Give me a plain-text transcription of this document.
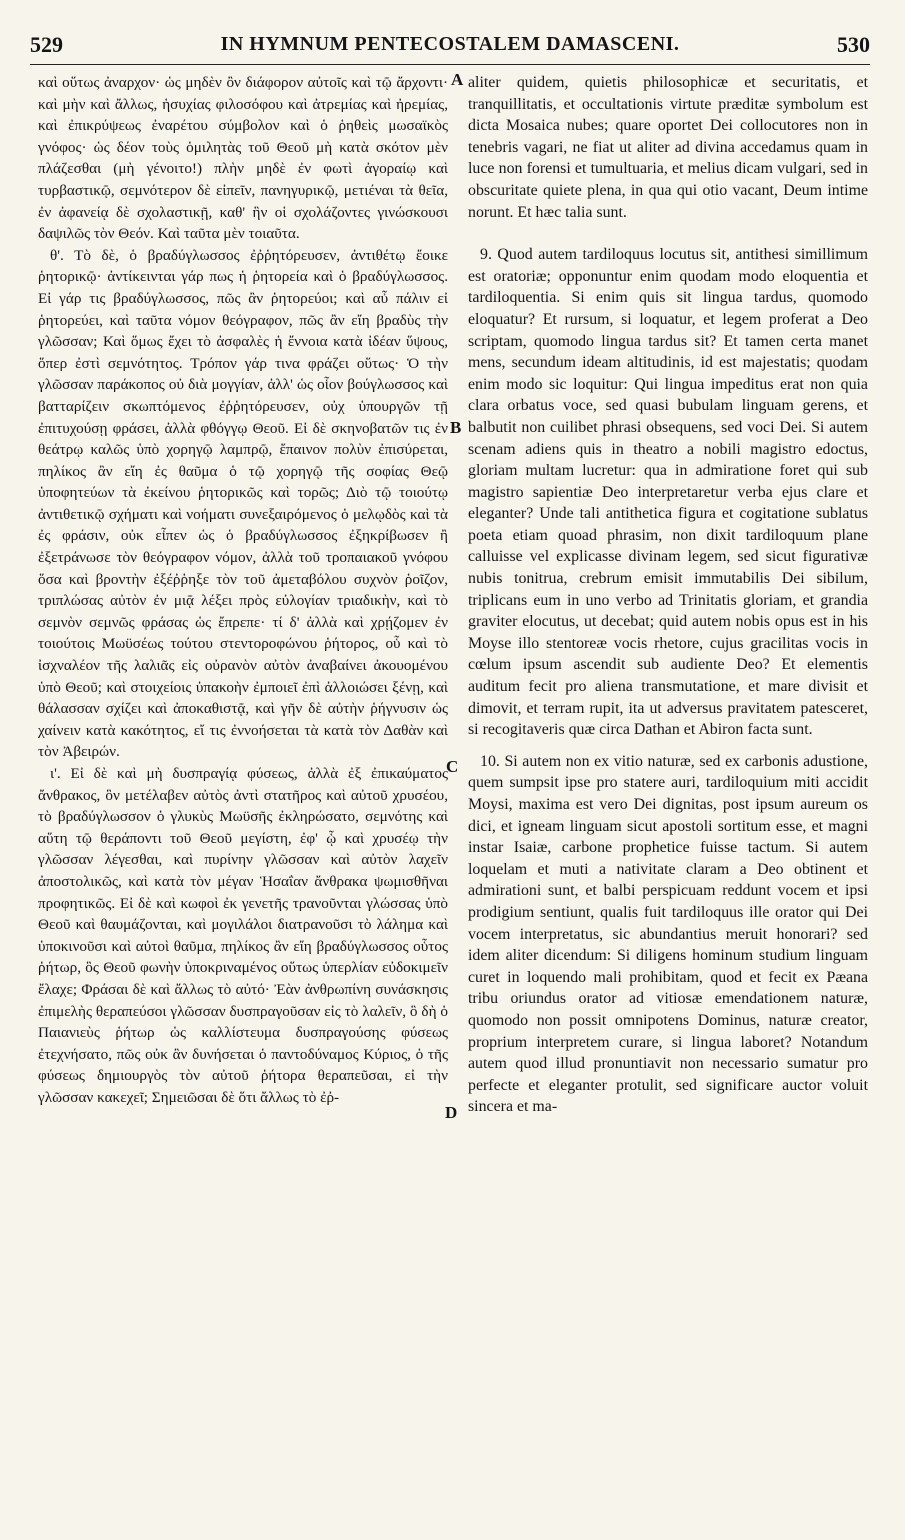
529	IN HYMNUM PENTECOSTALEM DAMASCENI.	530
A
B
C
D

καὶ οὕτως ἀναρχον· ὡς μηδὲν ὂν διάφορον αὐτοῖς καὶ τῷ ἄρχοντι· καὶ μὴν καὶ ἄλλως, ἡσυχίας φιλοσόφου καὶ ἀτρεμίας καὶ ἠρεμίας, καὶ ἐπικρύψεως ἐναρέτου σύμβολον καὶ ὁ ῥηθεὶς μωσαϊκὸς γνόφος· ὡς δέον τοὺς ὁμιλητὰς τοῦ Θεοῦ μὴ κατὰ σκότον μὲν πλάζεσθαι (μὴ γένοιτο!) πλὴν μηδὲ ἐν φωτὶ ἀγοραίῳ καὶ τυρβαστικῷ, σεμνότερον δὲ εἰπεῖν, πανηγυρικῷ, μετιέναι τὰ θεῖα, ἐν ἀφανείᾳ δὲ σχολαστικῇ, καθ' ἣν οἱ σχολάζοντες γινώσκουσι δαψιλῶς τὸν Θεόν. Καὶ ταῦτα μὲν τοιαῦτα.

θ'. Τὸ δὲ, ὁ βραδύγλωσσος ἐῤῥητόρευσεν, ἀντιθέτῳ ἔοικε ῥητορικῷ· ἀντίκεινται γάρ πως ἡ ῥητορεία καὶ ὁ βραδύγλωσσος. Εἰ γάρ τις βραδύγλωσσος, πῶς ἂν ῥητορεύοι; καὶ αὖ πάλιν εἰ ῥητορεύει, καὶ ταῦτα νόμον θεόγραφον, πῶς ἂν εἴη βραδὺς τὴν γλῶσσαν; Καὶ ὅμως ἔχει τὸ ἀσφαλὲς ἡ ἔννοια κατὰ ἰδέαν ὕψους, ὅπερ ἐστὶ σεμνότητος. Τρόπον γάρ τινα φράζει οὕτως· Ὁ τὴν γλῶσσαν παράκοπος οὐ διὰ μογγίαν, ἀλλ' ὡς οἷον βούγλωσσος καὶ βατταρίζειν σκωπτόμενος ἐῤῥητόρευσεν, οὐχ ὑπουργῶν τῇ ἐπιτυχούσῃ φράσει, ἀλλὰ φθόγγῳ Θεοῦ. Εἰ δὲ σκηνοβατῶν τις ἐν θεάτρῳ καλῶς ὑπὸ χορηγῷ λαμπρῷ, ἔπαινον πολὺν ἐπισύρεται, πηλίκος ἂν εἴη ἐς θαῦμα ὁ τῷ χορηγῷ τῆς σοφίας Θεῷ ὑποφητεύων τὰ ἐκείνου ῥητορικῶς καὶ τορῶς; Διὸ τῷ τοιούτῳ ἀντιθετικῷ σχήματι καὶ νοήματι συνεξαιρόμενος ὁ μελῳδὸς καὶ τὰ ἐς φράσιν, οὐκ εἶπεν ὡς ὁ βραδύγλωσσος ἐξηκρίβωσεν ἢ ἐξετράνωσε τὸν θεόγραφον νόμον, ἀλλὰ τοῦ τροπαιακοῦ γνόφου ὅσα καὶ βροντὴν ἐξέῤῥηξε τὸν τοῦ ἀμεταβόλου συχνὸν ῥοῖζον, τριπλώσας αὐτὸν ἐν μιᾷ λέξει πρὸς εὐλογίαν τριαδικὴν, καὶ τὸ σεμνὸν σεμνῶς φράσας ὡς ἔπρεπε· τί δ' ἀλλὰ καὶ χρῄζομεν ἐν τοιούτοις Μωϋσέως τούτου στεντοροφώνου ῥήτορος, οὗ καὶ τὸ ἰσχναλέον τῆς λαλιᾶς εἰς οὐρανὸν αὐτὸν ἀναβαίνει ἀκουομένου ὑπὸ Θεοῦ; καὶ στοιχείοις ὑπακοὴν ἐμποιεῖ ἐπὶ ἀλλοιώσει ξένῃ, καὶ θάλασσαν σχίζει καὶ ἀποκαθιστᾷ, καὶ γῆν δὲ αὐτὴν ῥήγνυσιν ὡς χαίνειν κατὰ κακότητος, εἴ τις ἐννοήσεται τὰ κατὰ τὸν Δαθὰν καὶ τὸν Ἀβειρών.

ι'. Εἰ δὲ καὶ μὴ δυσπραγίᾳ φύσεως, ἀλλὰ ἐξ ἐπικαύματος ἄνθρακος, ὃν μετέλαβεν αὐτὸς ἀντὶ στατῆρος καὶ αὐτοῦ χρυσέου, τὸ βραδύγλωσσον ὁ γλυκὺς Μωϋσῆς ἐκληρώσατο, σεμνότης καὶ αὕτη τῷ θεράποντι τοῦ Θεοῦ μεγίστη, ἐφ' ᾧ καὶ χρυσέῳ τὴν γλῶσσαν λέγεσθαι, καὶ πυρίνην γλῶσσαν καὶ αὐτὸν λαχεῖν ἀποστολικῶς, καὶ κατὰ τὸν μέγαν Ἡσαΐαν ἄνθρακα ψωμισθῆναι προφητικῶς. Εἰ δὲ καὶ κωφοὶ ἐκ γενετῆς τρανοῦνται γλώσσας ὑπὸ Θεοῦ καὶ θαυμάζονται, καὶ μογιλάλοι διατρανοῦσι τὸ λάλημα καὶ ὑποκινοῦσι καὶ αὐτοὶ θαῦμα, πηλίκος ἂν εἴη βραδύγλωσσος οὗτος ῥήτωρ, ὃς Θεοῦ φωνὴν ὑποκριναμένος οὕτως ὑπερλίαν εὐδοκιμεῖν ἔλαχε; Φράσαι δὲ καὶ ἄλλως τὸ αὐτό· Ἐὰν ἀνθρωπίνη συνάσκησις ἐπιμελὴς θεραπεύσοι γλῶσσαν δυσπραγοῦσαν εἰς τὸ λαλεῖν, ὃ δὴ ὁ Παιανιεὺς ῥήτωρ ὡς καλλίστευμα δυσπραγούσης φύσεως ἐτεχνήσατο, πῶς οὐκ ἂν δυνήσεται ὁ παντοδύναμος Κύριος, ὁ τῆς φύσεως δημιουργὸς τὸν αὐτοῦ ῥήτορα θεραπεῦσαι, εἰ τὴν γλῶσσαν κακεχεῖ; Σημειῶσαι δὲ ὅτι ἄλλως τὸ ἐῤ-

aliter quidem, quietis philosophicæ et securitatis, et tranquillitatis, et occultationis virtute præditæ symbolum est dicta Mosaica nubes; quare oportet Dei collocutores non in tenebris vagari, ne fiat ut aliter ad divina accedamus quam in luce non forensi et tumultuaria, et melius dicam vulgari, sed in obscuritate quiete plena, in qua qui otio vacant, Deum intime norunt. Et hæc talia sunt.

9. Quod autem tardiloquus locutus sit, antithesi simillimum est oratoriæ; opponuntur enim quodam modo eloquentia et tardiloquentia. Si enim quis sit lingua tardus, quomodo eloquatur? Et rursum, si loquatur, et legem proferat a Deo scriptam, quomodo lingua tardus sit? Et tamen certa manet mens, secundum ideam altitudinis, id est majestatis; quodam enim modo sic loquitur: Qui lingua impeditus erat non quia clara orbatus voce, sed quasi bubulam linguam gerens, et balbutit non cuilibet phrasi obsequens, sed voci Dei. Si autem scenam adiens quis in theatro a nobili magistro edoctus, gloriam multam lucretur: qua in admiratione foret qui sub magistro sapientiæ Deo interpretaretur verba ejus clare et eleganter? Unde tali antithetica figura et cogitatione sublatus poeta etiam quoad phrasim, non dixit tardiloquum plane calluisse vel explicasse divinam legem, sed sicut figurativæ nubis tonitrua, crebrum emisit immutabilis Dei sibilum, triplicans eum in uno verbo ad Trinitatis gloriam, et grandia graviter elocutus, ut decebat; quid autem nobis opus est in his Moyse illo stentoreæ vocis rhetore, cujus gracilitas vocis in cœlum ipsum ascendit sub audiente Deo? Et elementis auditum fecit pro aliena transmutatione, et mare divisit et dimovit, et terram rupit, ita ut adversus pravitatem patesceret, si recogitaveris quæ circa Dathan et Abiron facta sunt.

10. Si autem non ex vitio naturæ, sed ex carbonis adustione, quem sumpsit ipse pro statere auri, tardiloquium miti accidit Moysi, maxima est vero Dei dignitas, post ipsum aureum os dici, et igneam linguam sicut apostoli sortitum esse, et magni instar Isaiæ, carbone prophetice fuisse tactum. Si autem loquelam et muti a nativitate claram a Deo obtinent et admirationi sunt, et balbi perspicuam reddunt vocem et ipsi prodigium sentiunt, qualis fuit tardiloquus ille orator qui Dei vocem interpretatus, sic abundantius meruit honorari? sed idem aliter dicendum: Si diligens hominum studium linguam curet in loquendo mali prohibitam, quod et fecit ex Pæana tribu oriundus orator ad vitiosæ emendationem naturæ, quomodo non possit omnipotens Dominus, naturæ creator, proprium interpretem curare, si lingua laboret? Notandum autem quod illud pronuntiavit non necessario sumatur pro perfecte et eleganter protulit, sed significare auctor voluit sincera et ma-
